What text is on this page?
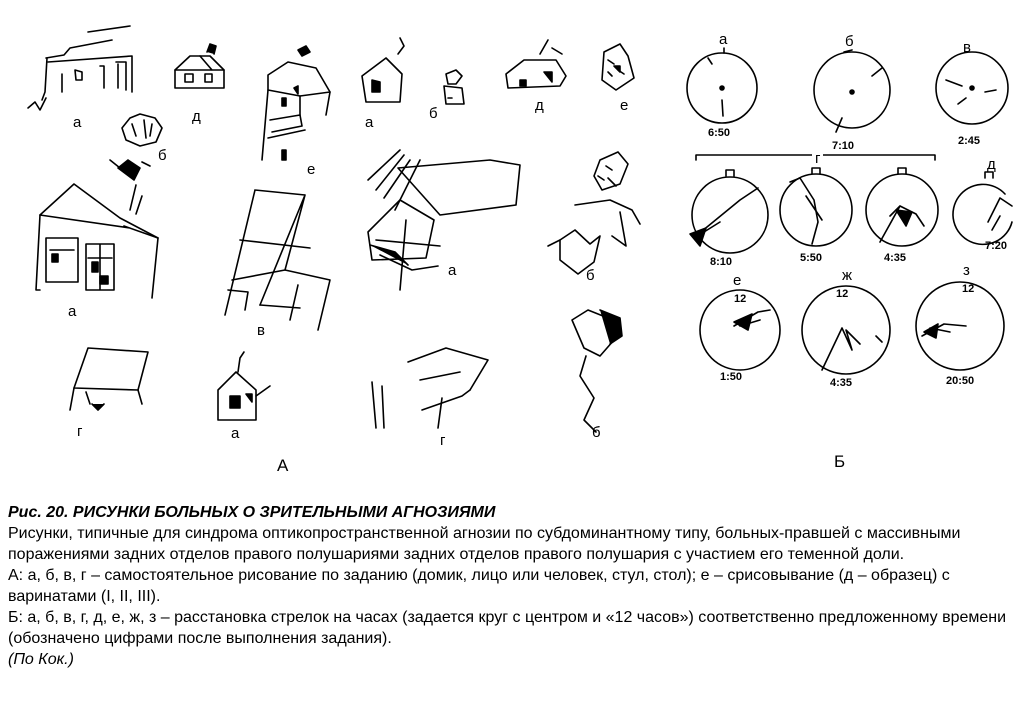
а	д
б
е
а
г
в
а
б	д	е
а
б
г
а
б
А
а
6:50
б
7:10
в
2:45
г
8:10	5:50	4:35
д
7:20
е
12
1:50
ж
12
4:35
з
12
20:50
Б

Рис. 20. РИСУНКИ БОЛЬНЫХ О ЗРИТЕЛЬНЫМИ АГНОЗИЯМИ

Рисунки, типичные для синдрома оптикопространственной агнозии по субдоминантному типу, больных-правшей с массивными поражениями задних отделов правого полушариями задних отделов правого полушария с участием его теменной доли.

А: а, б, в, г – самостоятельное рисование по заданию (домик, лицо или человек, стул, стол); е – срисовывание (д – образец) с варинатами (I, II, III).

Б: а, б, в, г, д, е, ж, з – расстановка стрелок на часах (задается круг с центром и «12 часов») соответственно предложенному времени (обозначено цифрами после выполнения задания).

(По Кок.)
